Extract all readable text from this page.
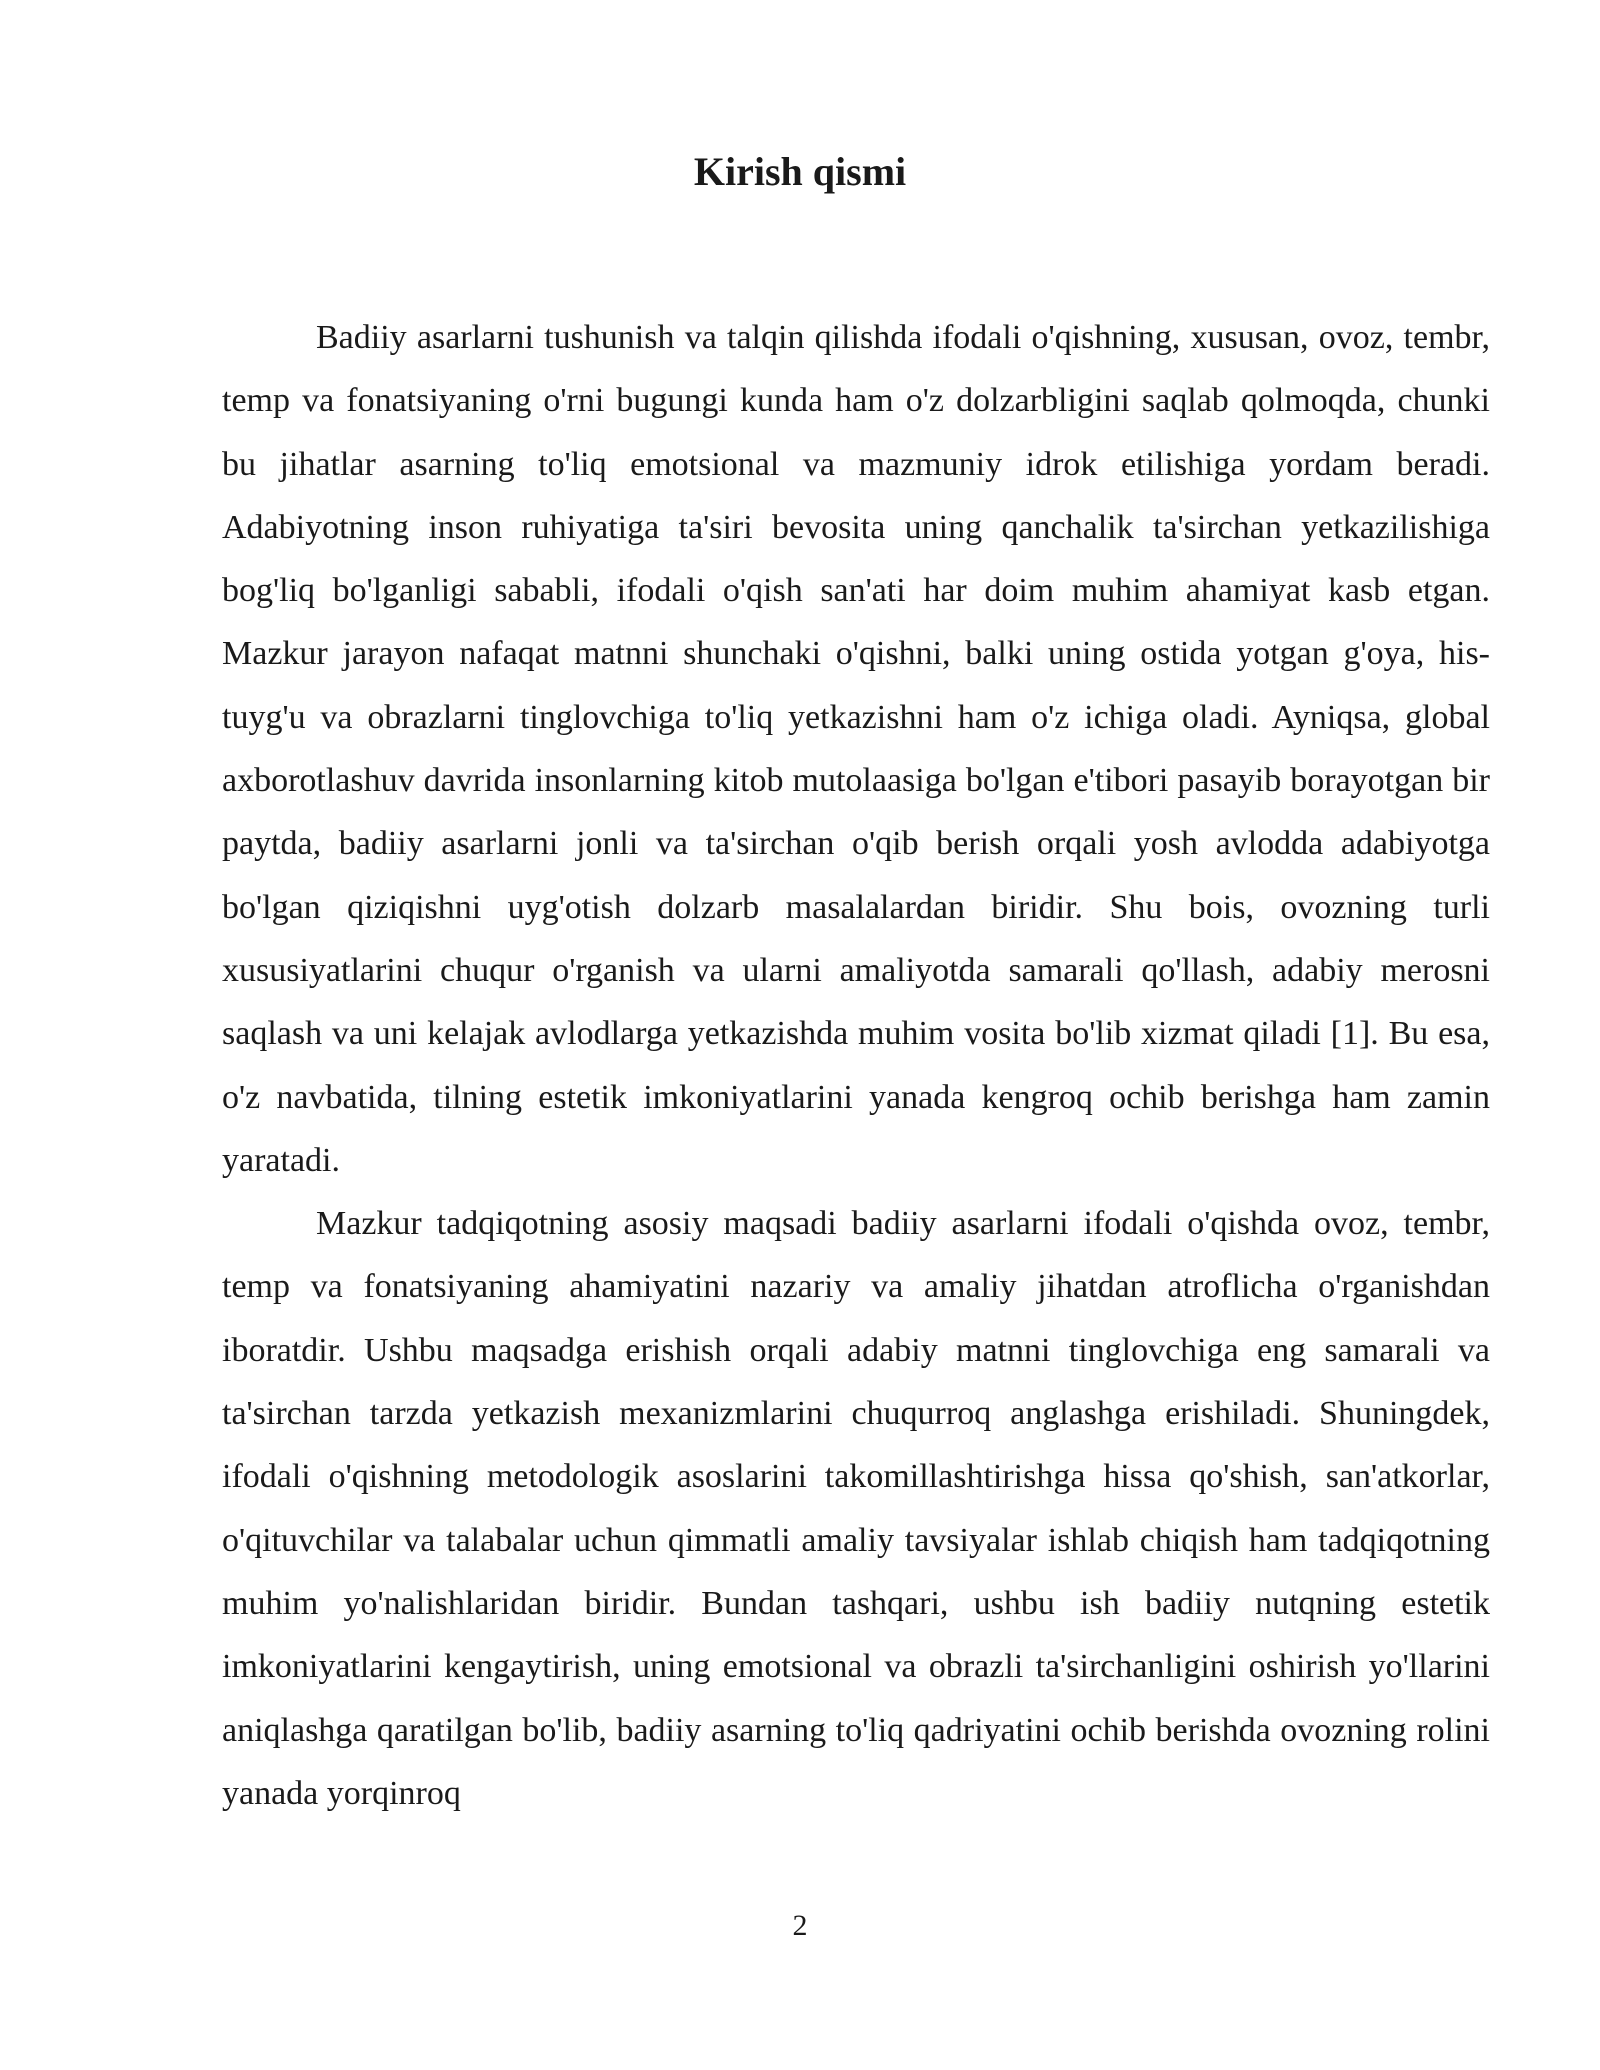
Kirish qismi

Badiiy asarlarni tushunish va talqin qilishda ifodali o'qishning, xususan, ovoz, tembr, temp va fonatsiyaning o'rni bugungi kunda ham o'z dolzarbligini saqlab qolmoqda, chunki bu jihatlar asarning to'liq emotsional va mazmuniy idrok etilishiga yordam beradi. Adabiyotning inson ruhiyatiga ta'siri bevosita uning qanchalik ta'sirchan yetkazilishiga bog'liq bo'lganligi sababli, ifodali o'qish san'ati har doim muhim ahamiyat kasb etgan. Mazkur jarayon nafaqat matnni shunchaki o'qishni, balki uning ostida yotgan g'oya, his-tuyg'u va obrazlarni tinglovchiga to'liq yetkazishni ham o'z ichiga oladi. Ayniqsa, global axborotlashuv davrida insonlarning kitob mutolaasiga bo'lgan e'tibori pasayib borayotgan bir paytda, badiiy asarlarni jonli va ta'sirchan o'qib berish orqali yosh avlodda adabiyotga bo'lgan qiziqishni uyg'otish dolzarb masalalardan biridir. Shu bois, ovozning turli xususiyatlarini chuqur o'rganish va ularni amaliyotda samarali qo'llash, adabiy merosni saqlash va uni kelajak avlodlarga yetkazishda muhim vosita bo'lib xizmat qiladi [1]. Bu esa, o'z navbatida, tilning estetik imkoniyatlarini yanada kengroq ochib berishga ham zamin yaratadi.

Mazkur tadqiqotning asosiy maqsadi badiiy asarlarni ifodali o'qishda ovoz, tembr, temp va fonatsiyaning ahamiyatini nazariy va amaliy jihatdan atroflicha o'rganishdan iboratdir. Ushbu maqsadga erishish orqali adabiy matnni tinglovchiga eng samarali va ta'sirchan tarzda yetkazish mexanizmlarini chuqurroq anglashga erishiladi. Shuningdek, ifodali o'qishning metodologik asoslarini takomillashtirishga hissa qo'shish, san'atkorlar, o'qituvchilar va talabalar uchun qimmatli amaliy tavsiyalar ishlab chiqish ham tadqiqotning muhim yo'nalishlaridan biridir. Bundan tashqari, ushbu ish badiiy nutqning estetik imkoniyatlarini kengaytirish, uning emotsional va obrazli ta'sirchanligini oshirish yo'llarini aniqlashga qaratilgan bo'lib, badiiy asarning to'liq qadriyatini ochib berishda ovozning rolini yanada yorqinroq

2
